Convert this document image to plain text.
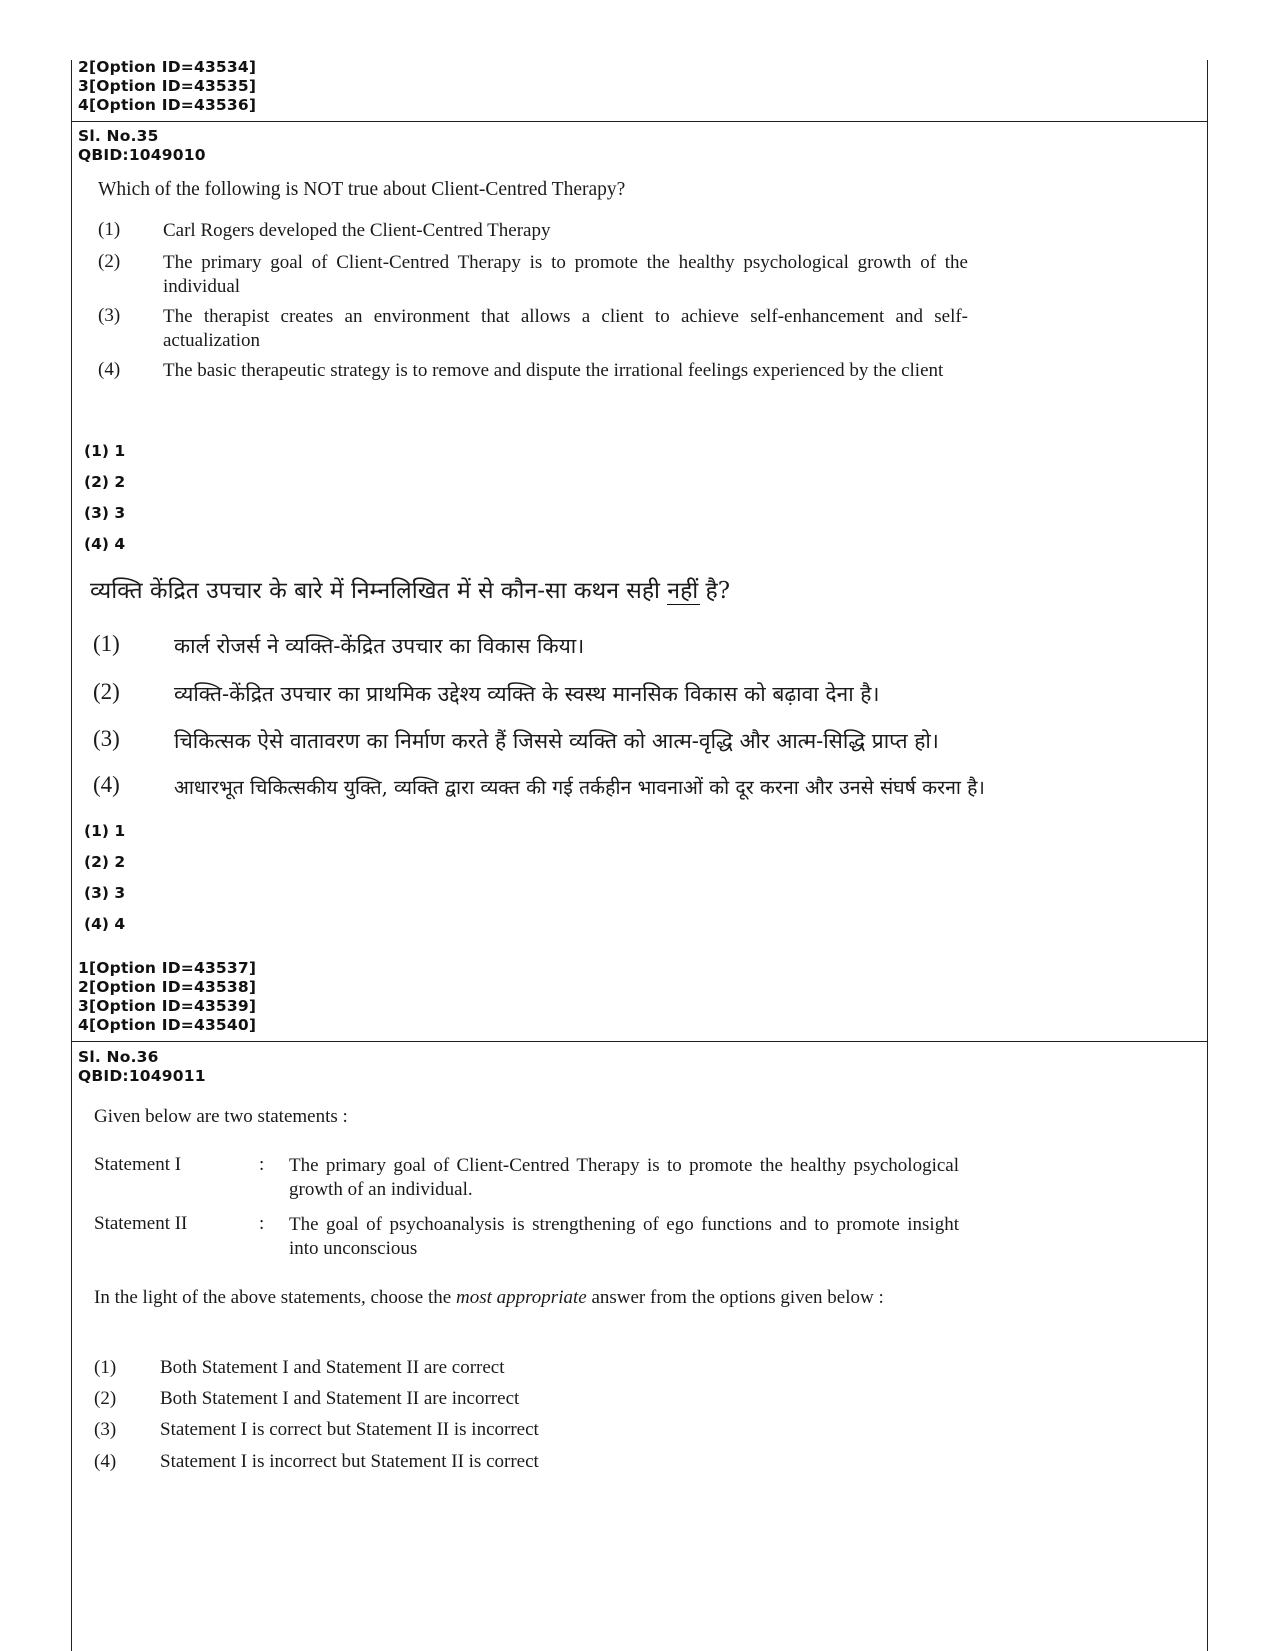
2[Option ID=43534]
3[Option ID=43535]
4[Option ID=43536]
Sl. No.35
QBID:1049010
Which of the following is NOT true about Client-Centred Therapy?
(1) Carl Rogers developed the Client-Centred Therapy
(2) The primary goal of Client-Centred Therapy is to promote the healthy psychological growth of the individual
(3) The therapist creates an environment that allows a client to achieve self-enhancement and self-actualization
(4) The basic therapeutic strategy is to remove and dispute the irrational feelings experienced by the client
(1) 1
(2) 2
(3) 3
(4) 4
व्यक्ति केंद्रित उपचार के बारे में निम्नलिखित में से कौन-सा कथन सही नहीं है?
(1)	कार्ल रोजर्स ने व्यक्ति-केंद्रित उपचार का विकास किया।
(2)	व्यक्ति-केंद्रित उपचार का प्राथमिक उद्देश्य व्यक्ति के स्वस्थ मानसिक विकास को बढ़ावा देना है।
(3)	चिकित्सक ऐसे वातावरण का निर्माण करते हैं जिससे व्यक्ति को आत्म-वृद्धि और आत्म-सिद्धि प्राप्त हो।
(4)	आधारभूत चिकित्सकीय युक्ति, व्यक्ति द्वारा व्यक्त की गई तर्कहीन भावनाओं को दूर करना और उनसे संघर्ष करना है।
(1) 1
(2) 2
(3) 3
(4) 4
1[Option ID=43537]
2[Option ID=43538]
3[Option ID=43539]
4[Option ID=43540]
Sl. No.36
QBID:1049011
Given below are two statements :
Statement I	: The primary goal of Client-Centred Therapy is to promote the healthy psychological growth of an individual.
Statement II	: The goal of psychoanalysis is strengthening of ego functions and to promote insight into unconscious
In the light of the above statements, choose the most appropriate answer from the options given below :
(1) Both Statement I and Statement II are correct
(2) Both Statement I and Statement II are incorrect
(3) Statement I is correct but Statement II is incorrect
(4) Statement I is incorrect but Statement II is correct
